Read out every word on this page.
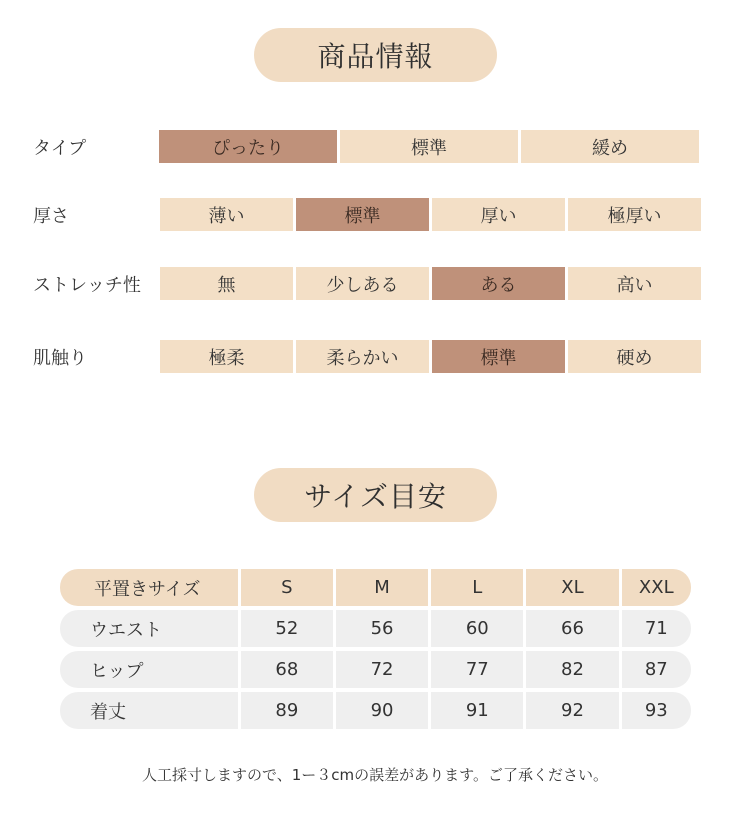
商品情報
タイプ	ぴったり	標準	緩め
厚さ	薄い	標準	厚い	極厚い
ストレッチ性	無	少しある	ある	高い
肌触り	極柔	柔らかい	標準	硬め
サイズ目安
平置きサイズ	S	M	L	XL	XXL
ウエスト	52	56	60	66	71
ヒップ	68	72	77	82	87
着丈	89	90	91	92	93
人工採寸しますので、1ー３cmの誤差があります。ご了承ください。
